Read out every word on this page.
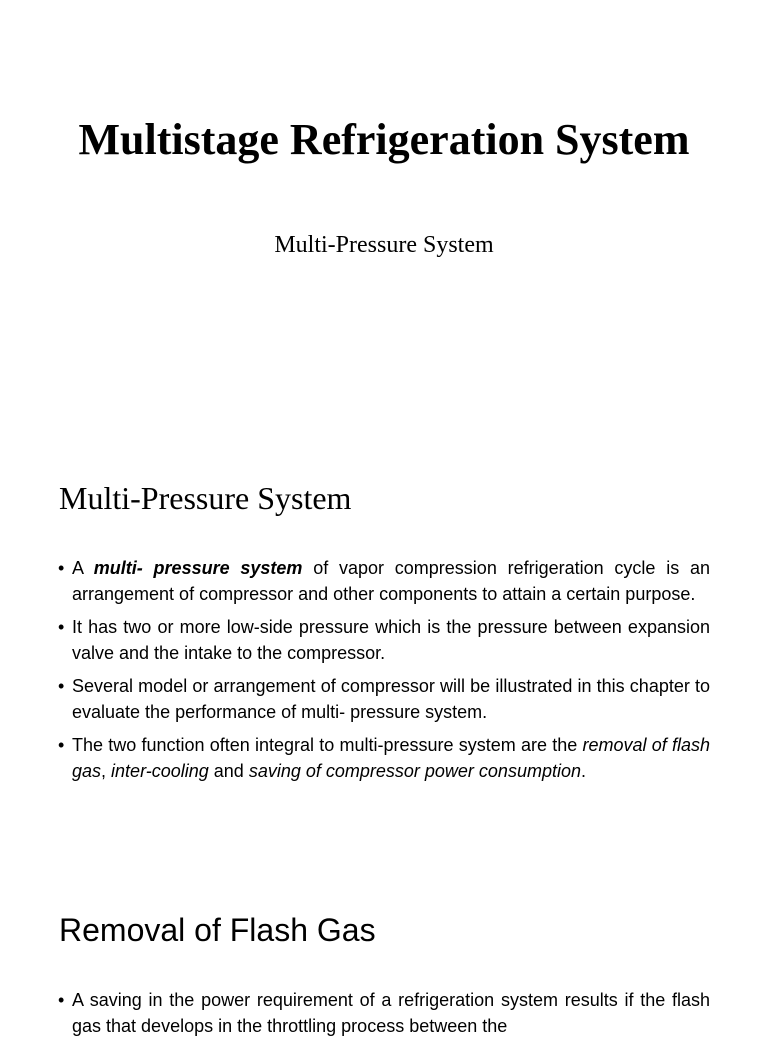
Multistage Refrigeration System

Multi-Pressure System

Multi-Pressure System
• A multi- pressure system of vapor compression refrigeration cycle is an arrangement of compressor and other components to attain a certain purpose.
• It has two or more low-side pressure which is the pressure between expansion valve and the intake to the compressor.
• Several model or arrangement of compressor will be illustrated in this chapter to evaluate the performance of multi- pressure system.
• The two function often integral to multi-pressure system are the removal of flash gas, inter-cooling and saving of compressor power consumption.
Removal of Flash Gas
• A saving in the power requirement of a refrigeration system results if the flash gas that develops in the throttling process between the
